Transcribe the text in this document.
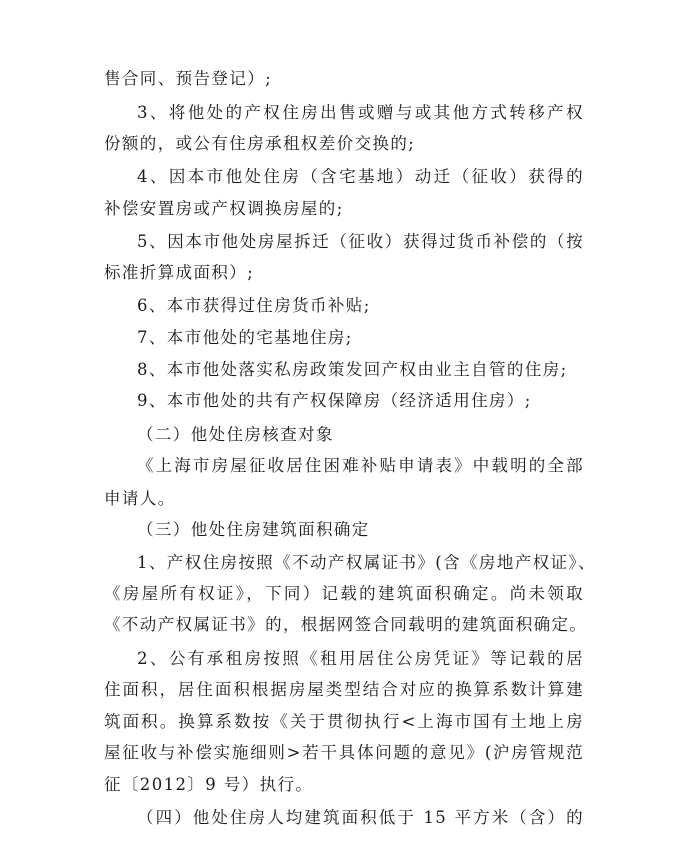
售合同、预告登记）;
3、将他处的产权住房出售或赠与或其他方式转移产权
份额的，或公有住房承租权差价交换的;
4、因本市他处住房（含宅基地）动迁（征收）获得的
补偿安置房或产权调换房屋的;
5、因本市他处房屋拆迁（征收）获得过货币补偿的（按
标准折算成面积）;
6、本市获得过住房货币补贴;
7、本市他处的宅基地住房;
8、本市他处落实私房政策发回产权由业主自管的住房;
9、本市他处的共有产权保障房（经济适用住房）;
（二）他处住房核查对象
《上海市房屋征收居住困难补贴申请表》中载明的全部
申请人。
（三）他处住房建筑面积确定
1、产权住房按照《不动产权属证书》(含《房地产权证》、
《房屋所有权证》，下同）记载的建筑面积确定。尚未领取
《不动产权属证书》的，根据网签合同载明的建筑面积确定。
2、公有承租房按照《租用居住公房凭证》等记载的居
住面积，居住面积根据房屋类型结合对应的换算系数计算建
筑面积。换算系数按《关于贯彻执行<上海市国有土地上房
屋征收与补偿实施细则>若干具体问题的意见》(沪房管规范
征〔2012〕9 号）执行。
（四）他处住房人均建筑面积低于 15 平方米（含）的
